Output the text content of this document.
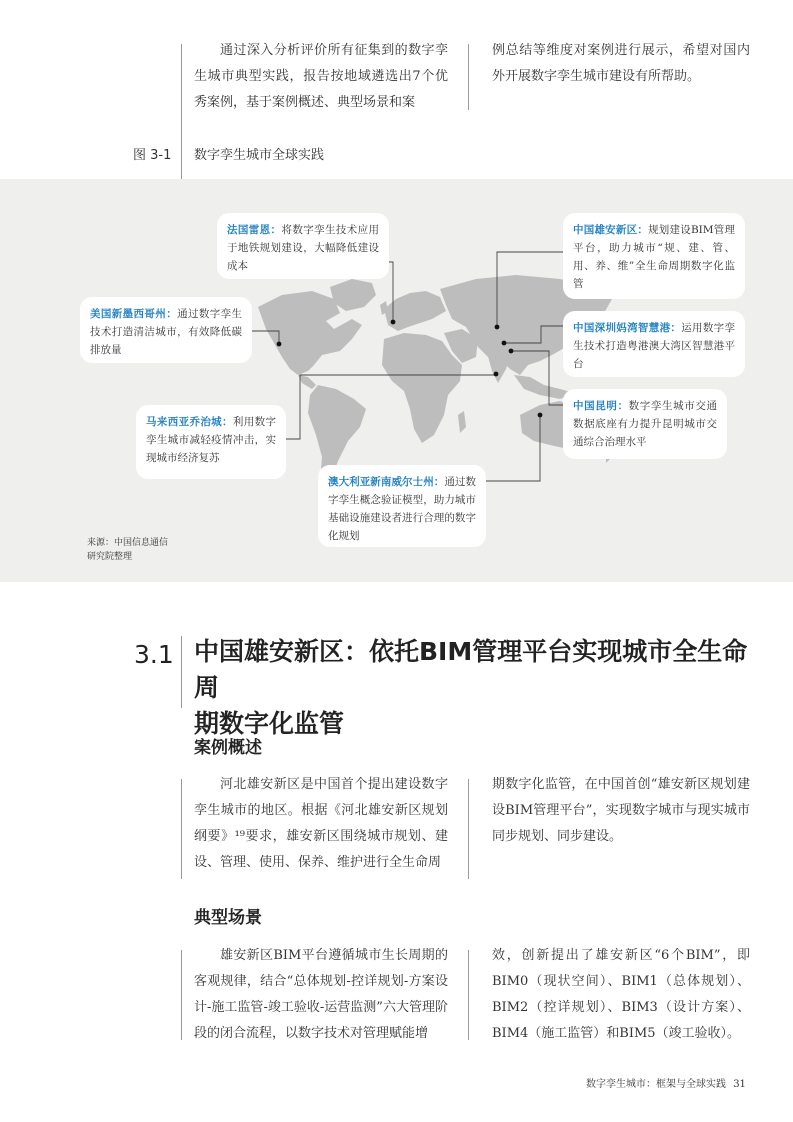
通过深入分析评价所有征集到的数字孪生城市典型实践，报告按地域遴选出7个优秀案例，基于案例概述、典型场景和案

例总结等维度对案例进行展示，希望对国内外开展数字孪生城市建设有所帮助。

图 3-1 数字孪生城市全球实践
法国雷恩：将数字孪生技术应用于地铁规划建设，大幅降低建设成本
美国新墨西哥州：通过数字孪生技术打造清洁城市，有效降低碳排放量
马来西亚乔治城：利用数字孪生城市减轻疫情冲击，实现城市经济复苏
澳大利亚新南威尔士州：通过数字孪生概念验证模型，助力城市基础设施建设者进行合理的数字化规划
中国雄安新区：规划建设BIM管理平台，助力城市“规、建、管、用、养、维”全生命周期数字化监管
中国深圳妈湾智慧港：运用数字孪生技术打造粤港澳大湾区智慧港平台
中国昆明：数字孪生城市交通数据底座有力提升昆明城市交通综合治理水平
来源：中国信息通信
研究院整理
3.1 中国雄安新区：依托BIM管理平台实现城市全生命周
期数字化监管
案例概述

河北雄安新区是中国首个提出建设数字孪生城市的地区。根据《河北雄安新区规划纲要》¹⁹要求，雄安新区围绕城市规划、建设、管理、使用、保养、维护进行全生命周

期数字化监管，在中国首创“雄安新区规划建设BIM管理平台”，实现数字城市与现实城市同步规划、同步建设。

典型场景

雄安新区BIM平台遵循城市生长周期的客观规律，结合“总体规划-控详规划-方案设计-施工监管-竣工验收-运营监测”六大管理阶段的闭合流程，以数字技术对管理赋能增

效，创新提出了雄安新区“6个BIM”，即BIM0（现状空间）、BIM1（总体规划）、BIM2（控详规划）、BIM3（设计方案）、BIM4（施工监管）和BIM5（竣工验收）。

数字孪生城市：框架与全球实践 31
